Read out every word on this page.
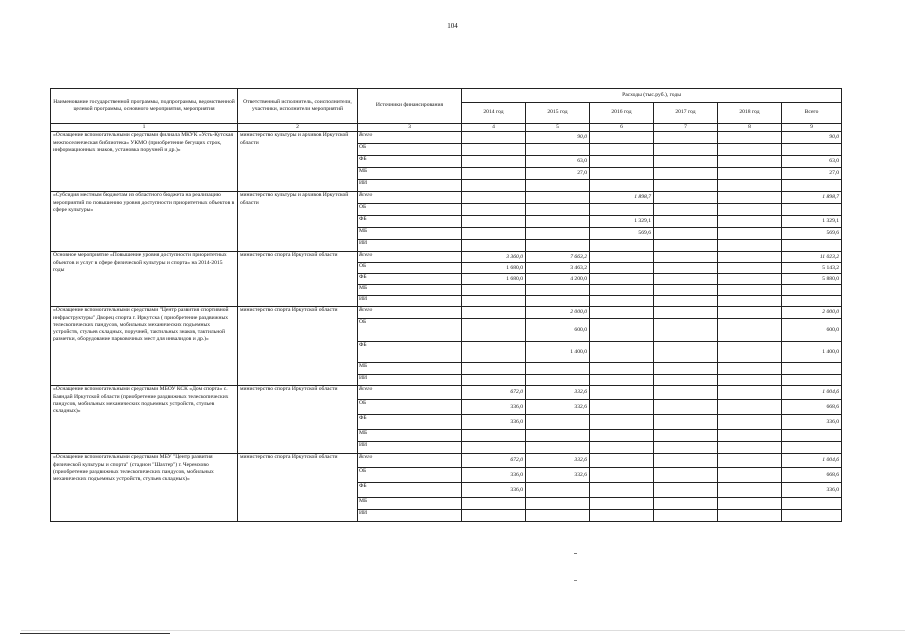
104
Наименование государственной программы, подпрограммы, ведомственной целевой программы, основного мероприятия, мероприятия	Ответственный исполнитель, соисполнители, участники, исполнители мероприятий	Источники финансирования	Расходы (тыс.руб.), годы					
			2014 год	2015 год	2016 год	2017 год	2018 год	Всего
1	2	3	4	5	6	7	8	9
«Оснащение вспомогательными средствами филиала МКУК «Усть-Кутская межпоселенческая библиотека» УКМО (приобретение бегущих строк, информационных знаков, установка поручней и др.)»	министерство культуры и архивов Иркутской области	Всего		90,0				90,0
		ОБ						
		ФБ		63,0				63,0
		МБ		27,0				27,0
		ИИ						
«Субсидия местным бюджетам из областного бюджета на реализацию мероприятий по повышению уровня доступности приоритетных объектов в сфере культуры»	министерство культуры и архивов Иркутской области	Всего			1 898,7			1 898,7
		ОБ						
		ФБ			1 329,1			1 329,1
		МБ			569,6			569,6
		ИИ						
Основное мероприятие «Повышение уровня доступности приоритетных объектов и услуг в сфере физической культуры и спорта» на 2014-2015 годы	министерство спорта Иркутской области	Всего	3 360,0	7 663,2				11 023,2
		ОБ	1 680,0	3 463,2				5 143,2
		ФБ	1 680,0	4 200,0				5 880,0
		МБ						
		ИИ						
«Оснащение вспомогательными средствами "Центр развития спортивной инфраструктуры" Дворец спорта г. Иркутска ( приобретение раздвижных телескопических пандусов, мобильных механических подъемных устройств, стульев складных, поручней, тактильных знаков, тактильной разметки, оборудование парковочных мест для инвалидов и др.)»	министерство спорта Иркутской области	Всего		2 000,0				2 000,0
		ОБ		600,0				600,0
		ФБ		1 400,0				1 400,0
		МБ						
		ИИ						
«Оснащение вспомогательными средствами МБОУ КСК «Дом спорта» с. Баяндай Иркутской области (приобретение раздвижных телескопических пандусов, мобильных механических подъемных устройств, стульев складных)»	министерство спорта Иркутской области	Всего	672,0	332,6				1 004,6
		ОБ	336,0	332,6				668,6
		ФБ	336,0					336,0
		МБ						
		ИИ						
«Оснащение вспомогательными средствами МБУ "Центр развития физической культуры и спорта" (стадион "Шахтер") г. Черемхово (приобретение раздвижных телескопических пандусов, мобильных механических подъемных устройств, стульев складных)»	министерство спорта Иркутской области	Всего	672,0	332,6				1 004,6
		ОБ	336,0	332,6				668,6
		ФБ	336,0					336,0
		МБ						
		ИИ						
